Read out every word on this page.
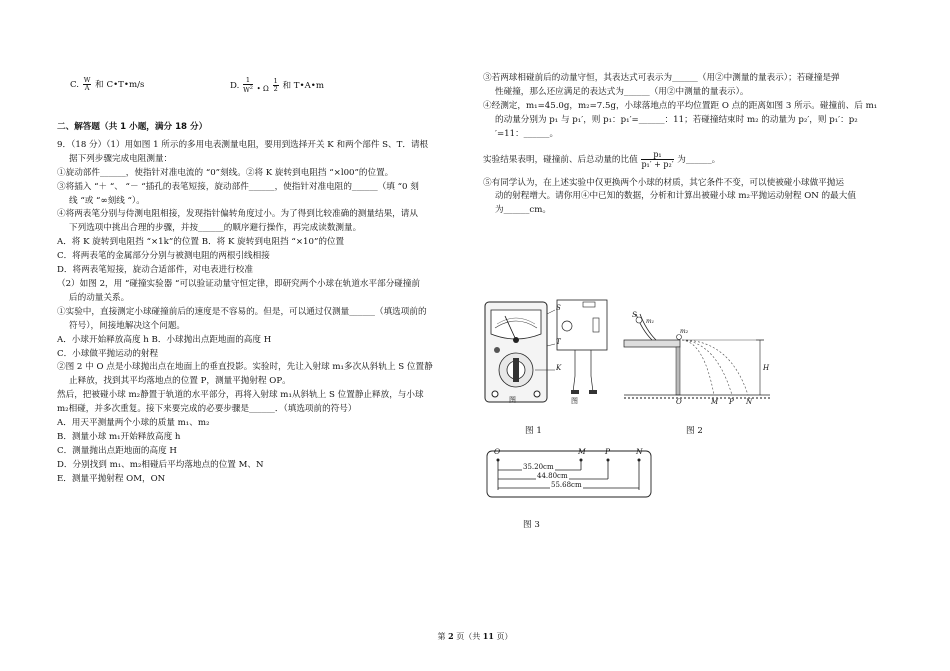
C. $\frac{W}{A}$ 和 C•T•m/s	D. $\frac{1}{W^2} _{• \Omega} \frac{1}{2}$ 和 T•A•m
二、解答题（共 1 小题，满分 18 分）
9．（18 分）（1）用如图 1 所示的多用电表测量电阻，要用到选择开关 K 和两个部件 S、T．请根
据下列步骤完成电阻测量：
①旋动部件______，使指针对准电流的 “0”刻线。②将 K 旋转到电阻挡 “×l00”的位置。
③将插入 “＋ “、 “－ “插孔的表笔短接，旋动部件______，使指针对准电阻的______（填 “0 刻
线 “或 “∞刻线 “）。
④将两表笔分别与侍测电阻相接，发现指针偏转角度过小。为了得到比较准确的测量结果，请从
下列选项中挑出合理的步骤，并按______的顺序避行操作，再完成读数测量。
A．将 K 旋转到电阻挡 “×1k”的位置 B．将 K 旋转到电阻挡 “×10”的位置
C．将两表笔的金属部分分别与被测电阻的两根引线相接
D．将两表笔短接，旋动合适部件，对电表进行校准
（2）如图 2，用 “碰撞实验器 “可以验证动量守恒定律，即研究两个小球在轨道水平部分碰撞前
后的动量关系。
①实验中，直接测定小球碰撞前后的速度是不容易的。但是，可以通过仅测量______（填选项前的
符号），间接地解决这个问题。
A．小球开始释放高度 h B．小球抛出点距地面的高度 H
C．小球做平抛运动的射程
②图 2 中 O 点是小球抛出点在地面上的垂直投影。实验时，先让入射球 m₁多次从斜轨上 S 位置静
止释放，找到其平均落地点的位置 P，测量平抛射程 OP。
然后，把被碰小球 m₂静置于轨道的水平部分，再将入射球 m₁从斜轨上 S 位置静止释放，与小球
m₂相碰，并多次重复。接下来要完成的必要步骤是______．（填选项前的符号）
A．用天平测量两个小球的质量 m₁、m₂
B．测量小球 m₁开始释放高度 h
C．测量抛出点距地面的高度 H
D．分别找到 m₁、m₂相碰后平均落地点的位置 M、N
E．测量平抛射程 OM，ON
③若两球相碰前后的动量守恒，其表达式可表示为______（用②中测量的量表示）；若碰撞是弹
性碰撞，那么还应满足的表达式为______（用②中测量的量表示）。
④经测定，m₁=45.0g，m₂=7.5g，小球落地点的平均位置距 O 点的距离如图 3 所示。碰撞前、后 m₁
的动量分别为 p₁ 与 p₁′，则 p₁：p₁′=______：11；若碰撞结束时 m₂ 的动量为 p₂′，则 p₁′：p₂
′=11：______。
实验结果表明，碰撞前、后总动量的比值 $\frac{\text{p₁}}{\text{p₁′ + p₂′}}$ 为______。
⑤有同学认为，在上述实验中仅更换两个小球的材质，其它条件不变，可以使被碰小球做平抛运
动的射程增大。请你用④中已知的数据，分析和计算出被碰小球 m₂平抛运动射程 ON 的最大值
为______cm。
S
T
K
图	图
图 1
S
m₁
m₂
H
O	M P N
图 2
O	M	P	N
35.20cm
44.80cm
55.68cm
图 3
第 2 页（共 11 页）
